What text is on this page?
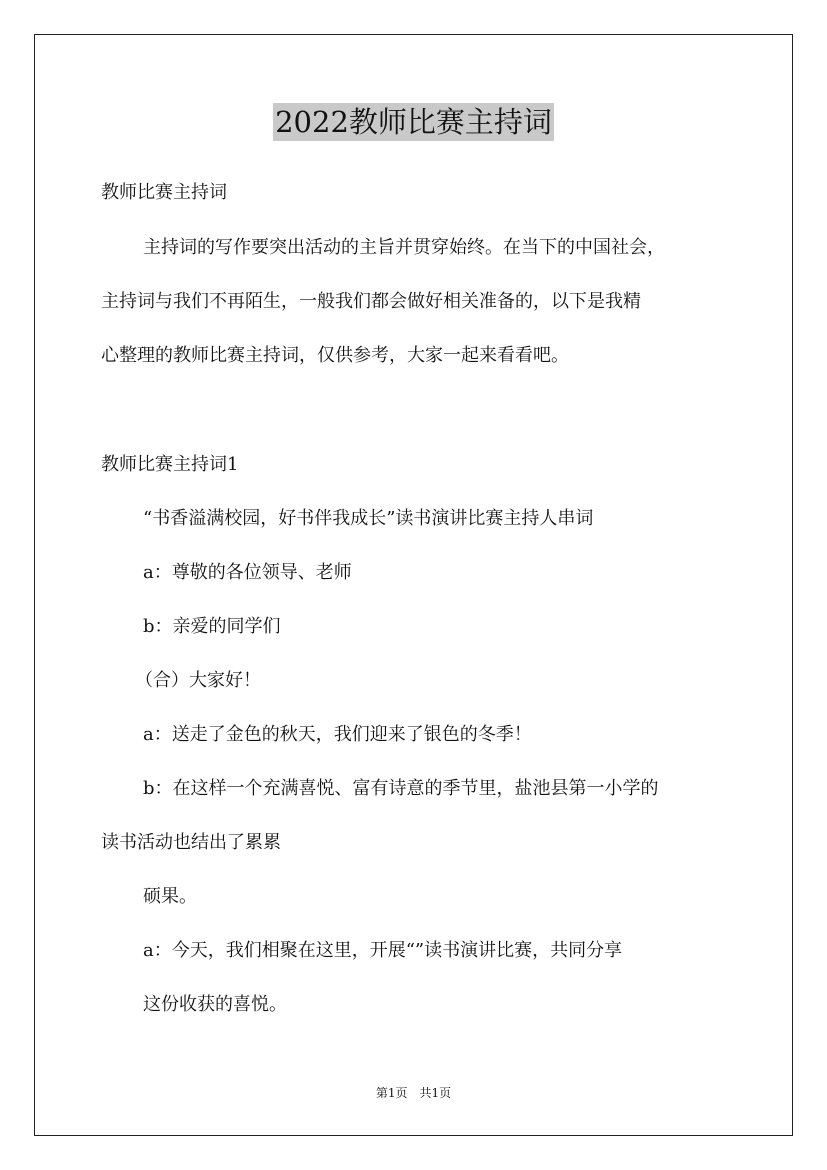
2022教师比赛主持词
教师比赛主持词
主持词的写作要突出活动的主旨并贯穿始终。在当下的中国社会，
主持词与我们不再陌生，一般我们都会做好相关准备的，以下是我精
心整理的教师比赛主持词，仅供参考，大家一起来看看吧。
教师比赛主持词1
“书香溢满校园，好书伴我成长”读书演讲比赛主持人串词
a：尊敬的各位领导、老师
b：亲爱的同学们
（合）大家好！
a：送走了金色的秋天，我们迎来了银色的冬季！
b：在这样一个充满喜悦、富有诗意的季节里，盐池县第一小学的
读书活动也结出了累累
硕果。
a：今天，我们相聚在这里，开展“”读书演讲比赛，共同分享
这份收获的喜悦。
第1页　共1页
